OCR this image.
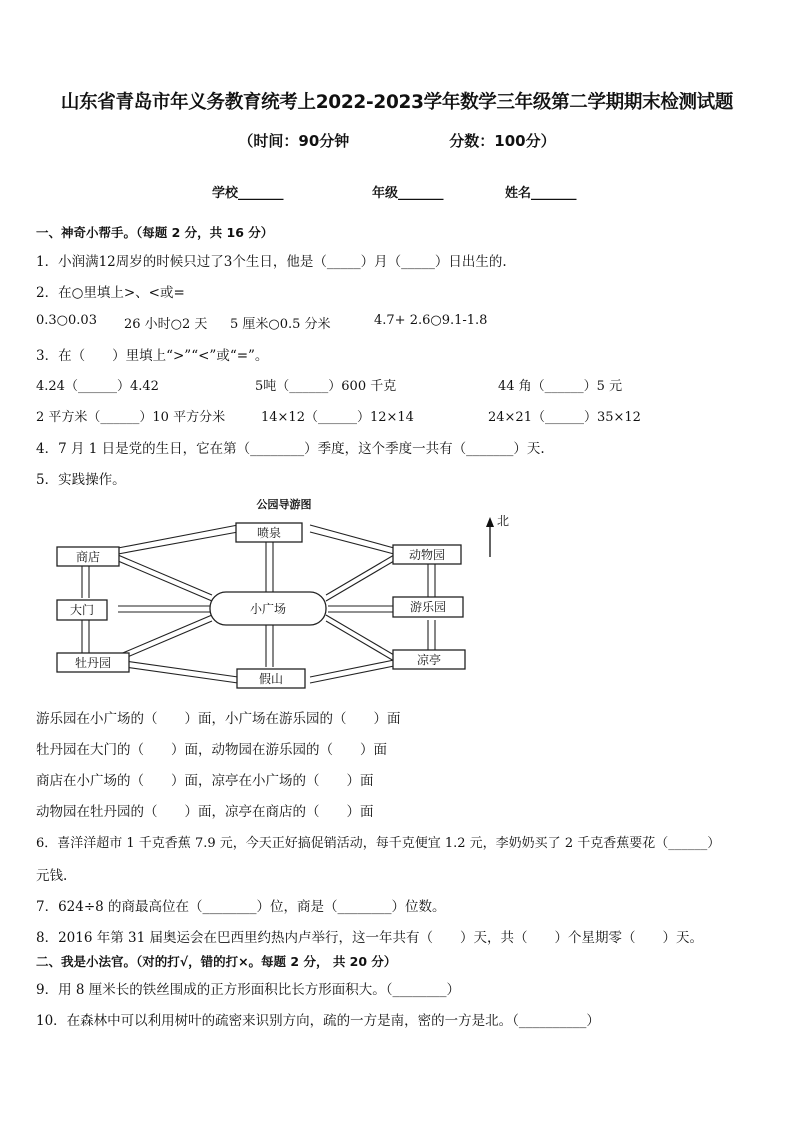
山东省青岛市年义务教育统考上2022-2023学年数学三年级第二学期期末检测试题
（时间：90分钟	分数：100分）
学校_______	年级_______	姓名_______
一、神奇小帮手。（每题 2 分，共 16 分）
1．小润满12周岁的时候只过了3个生日，他是（_____）月（_____）日出生的.
2．在○里填上>、<或=
0.3○0.03 26 小时○2 天 5 厘米○0.5 分米	4.7+ 2.6○9.1-1.8
3．在（　　）里填上“>”“<”或“=”。
4.24（______）4.42	5吨（______）600 千克	44 角（______）5 元
2 平方米（______）10 平方分米	14×12（______）12×14	24×21（______）35×12
4．7 月 1 日是党的生日，它在第（________）季度，这个季度一共有（_______）天.
5．实践操作。
公园导游图
喷泉
商店	动物园
大门	小广场	游乐园
牡丹园
假山
凉亭
北
游乐园在小广场的（　　）面，小广场在游乐园的（　　）面
牡丹园在大门的（　　）面，动物园在游乐园的（　　）面
商店在小广场的（　　）面，凉亭在小广场的（　　）面
动物园在牡丹园的（　　）面，凉亭在商店的（　　）面
6．喜洋洋超市 1 千克香蕉 7.9 元，今天正好搞促销活动，每千克便宜 1.2 元，李奶奶买了 2 千克香蕉要花（______）
元钱.
7．624÷8 的商最高位在（________）位，商是（________）位数。
8．2016 年第 31 届奥运会在巴西里约热内卢举行，这一年共有（　　）天，共（　　）个星期零（　　）天。
二、我是小法官。（对的打√，错的打×。每题 2 分， 共 20 分）
9．用 8 厘米长的铁丝围成的正方形面积比长方形面积大。（________）
10．在森林中可以利用树叶的疏密来识别方向，疏的一方是南，密的一方是北。（__________）
